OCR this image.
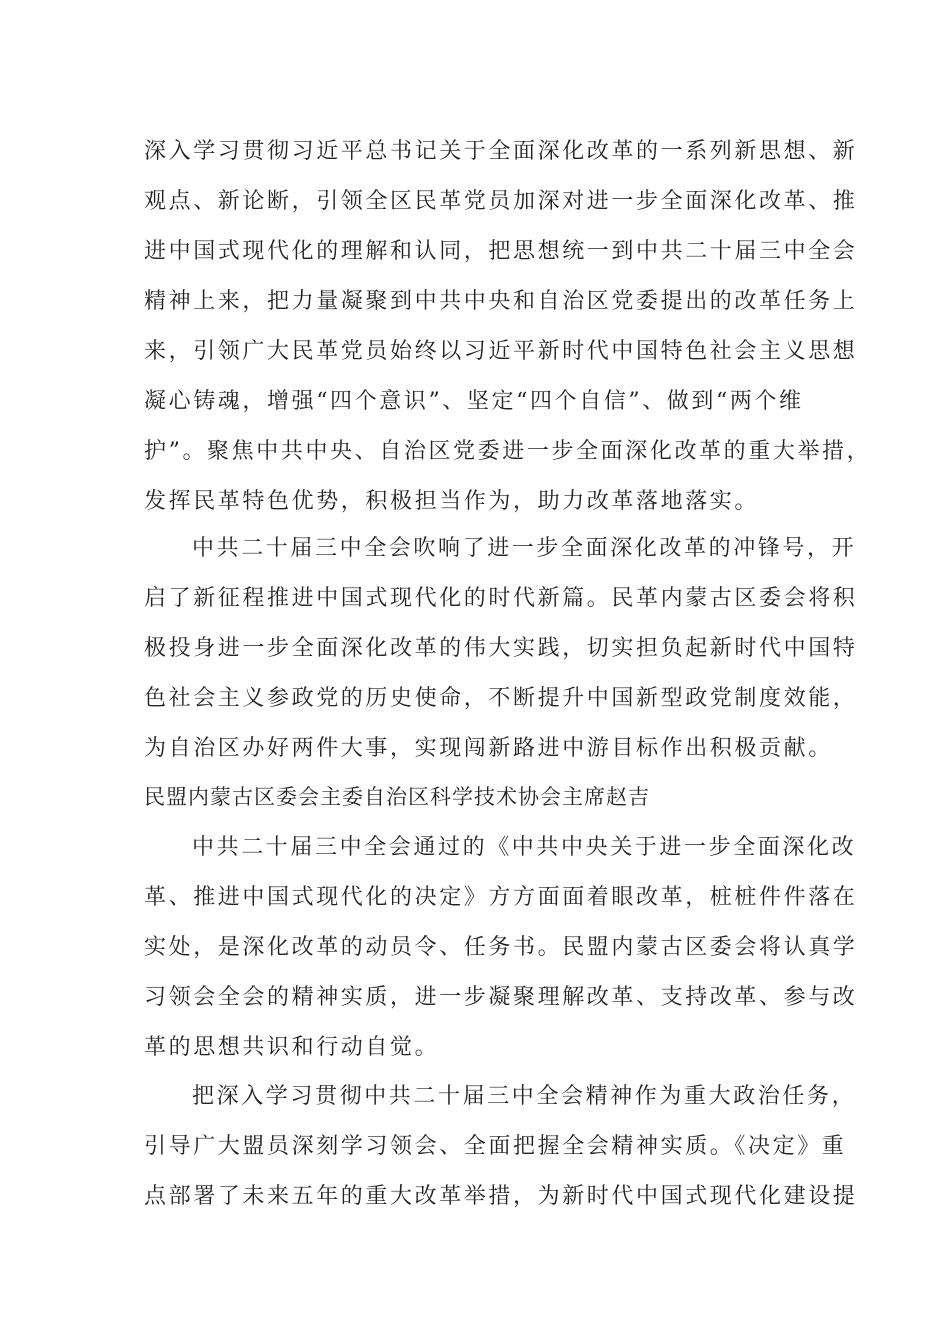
深入学习贯彻习近平总书记关于全面深化改革的一系列新思想、新
观点、新论断，引领全区民革党员加深对进一步全面深化改革、推
进中国式现代化的理解和认同，把思想统一到中共二十届三中全会
精神上来，把力量凝聚到中共中央和自治区党委提出的改革任务上
来，引领广大民革党员始终以习近平新时代中国特色社会主义思想
凝心铸魂，增强“四个意识”、坚定“四个自信”、做到“两个维
护”。聚焦中共中央、自治区党委进一步全面深化改革的重大举措，
发挥民革特色优势，积极担当作为，助力改革落地落实。
中共二十届三中全会吹响了进一步全面深化改革的冲锋号，开
启了新征程推进中国式现代化的时代新篇。民革内蒙古区委会将积
极投身进一步全面深化改革的伟大实践，切实担负起新时代中国特
色社会主义参政党的历史使命，不断提升中国新型政党制度效能，
为自治区办好两件大事，实现闯新路进中游目标作出积极贡献。
民盟内蒙古区委会主委自治区科学技术协会主席赵吉
中共二十届三中全会通过的《中共中央关于进一步全面深化改
革、推进中国式现代化的决定》方方面面着眼改革，桩桩件件落在
实处，是深化改革的动员令、任务书。民盟内蒙古区委会将认真学
习领会全会的精神实质，进一步凝聚理解改革、支持改革、参与改
革的思想共识和行动自觉。
把深入学习贯彻中共二十届三中全会精神作为重大政治任务，
引导广大盟员深刻学习领会、全面把握全会精神实质。《决定》重
点部署了未来五年的重大改革举措，为新时代中国式现代化建设提
